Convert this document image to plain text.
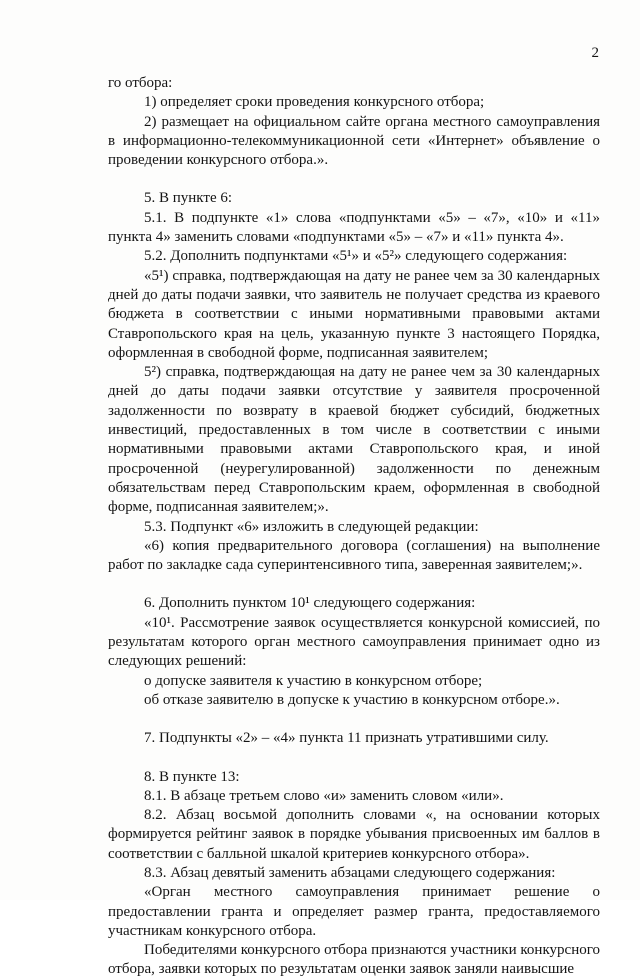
2

го отбора:

1) определяет сроки проведения конкурсного отбора;

2) размещает на официальном сайте органа местного самоуправления в информационно-телекоммуникационной сети «Интернет» объявление о проведении конкурсного отбора.».

5. В пункте 6:

5.1. В подпункте «1» слова «подпунктами «5» – «7», «10» и «11» пункта 4» заменить словами «подпунктами «5» – «7» и «11» пункта 4».

5.2. Дополнить подпунктами «5¹» и «5²» следующего содержания:

«5¹) справка, подтверждающая на дату не ранее чем за 30 календарных дней до даты подачи заявки, что заявитель не получает средства из краевого бюджета в соответствии с иными нормативными правовыми актами Ставропольского края на цель, указанную пункте 3 настоящего Порядка, оформленная в свободной форме, подписанная заявителем;

5²) справка, подтверждающая на дату не ранее чем за 30 календарных дней до даты подачи заявки отсутствие у заявителя просроченной задолженности по возврату в краевой бюджет субсидий, бюджетных инвестиций, предоставленных в том числе в соответствии с иными нормативными правовыми актами Ставропольского края, и иной просроченной (неурегулированной) задолженности по денежным обязательствам перед Ставропольским краем, оформленная в свободной форме, подписанная заявителем;».

5.3. Подпункт «6» изложить в следующей редакции:

«6) копия предварительного договора (соглашения) на выполнение работ по закладке сада суперинтенсивного типа, заверенная заявителем;».

6. Дополнить пунктом 10¹ следующего содержания:

«10¹. Рассмотрение заявок осуществляется конкурсной комиссией, по результатам которого орган местного самоуправления принимает одно из следующих решений:

о допуске заявителя к участию в конкурсном отборе;

об отказе заявителю в допуске к участию в конкурсном отборе.».

7. Подпункты «2» – «4» пункта 11 признать утратившими силу.

8. В пункте 13:

8.1. В абзаце третьем слово «и» заменить словом «или».

8.2. Абзац восьмой дополнить словами «, на основании которых формируется рейтинг заявок в порядке убывания присвоенных им баллов в соответствии с балльной шкалой критериев конкурсного отбора».

8.3. Абзац девятый заменить абзацами следующего содержания:

«Орган местного самоуправления принимает решение о предоставлении гранта и определяет размер гранта, предоставляемого участникам конкурсного отбора.

Победителями конкурсного отбора признаются участники конкурсного отбора, заявки которых по результатам оценки заявок заняли наивысшие
